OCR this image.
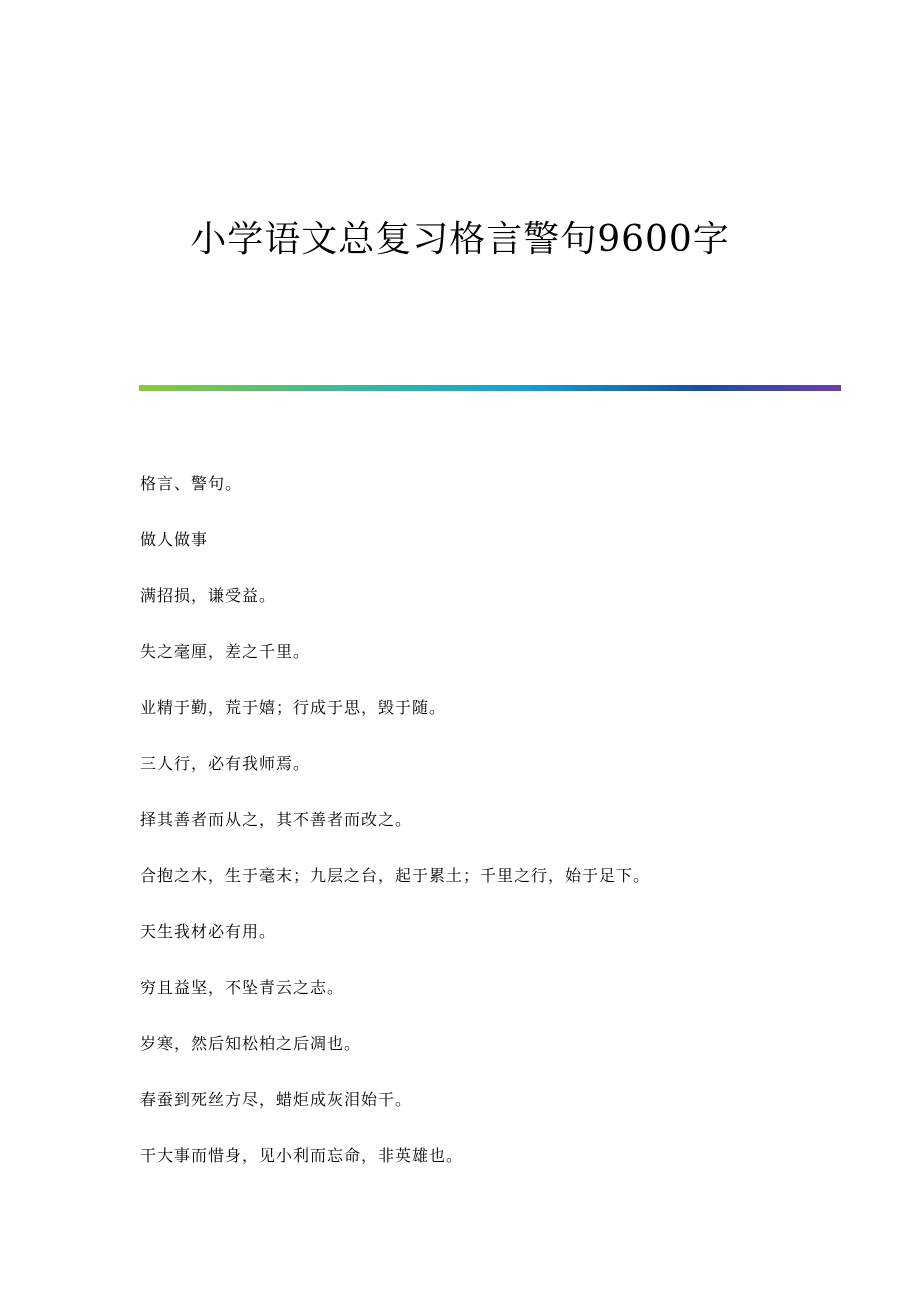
小学语文总复习格言警句9600字
格言、警句。
做人做事
满招损，谦受益。
失之毫厘，差之千里。
业精于勤，荒于嬉；行成于思，毁于随。
三人行，必有我师焉。
择其善者而从之，其不善者而改之。
合抱之木，生于毫末；九层之台，起于累土；千里之行，始于足下。
天生我材必有用。
穷且益坚，不坠青云之志。
岁寒，然后知松柏之后凋也。
春蚕到死丝方尽，蜡炬成灰泪始干。
干大事而惜身，见小利而忘命，非英雄也。
